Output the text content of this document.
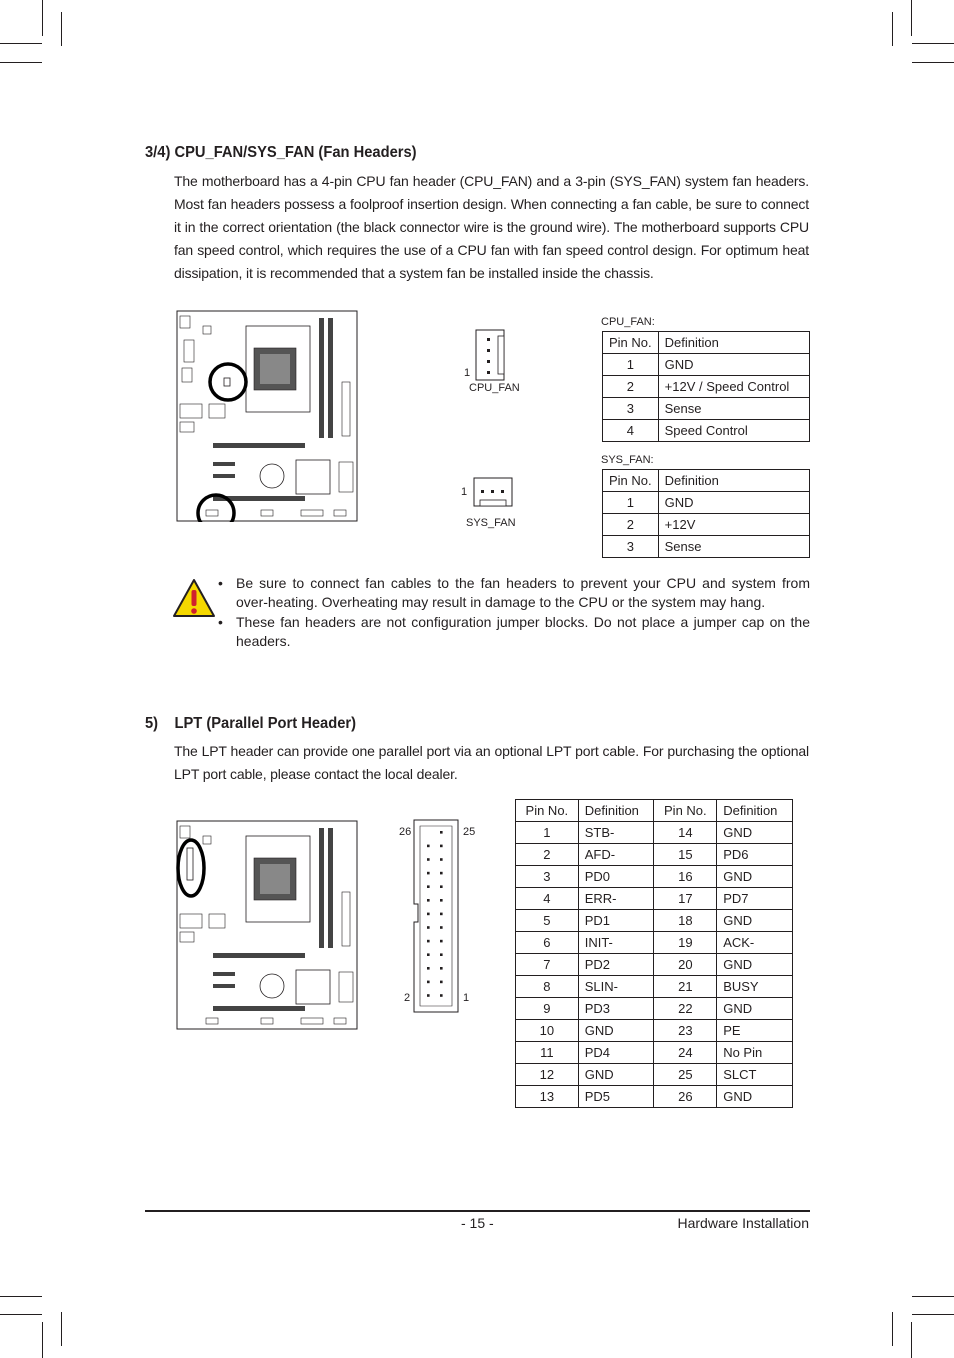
3/4) CPU_FAN/SYS_FAN (Fan Headers)

The motherboard has a 4-pin CPU fan header (CPU_FAN) and a 3-pin (SYS_FAN) system fan headers. Most fan headers possess a foolproof insertion design. When connecting a fan cable, be sure to connect it in the correct orientation (the black connector wire is the ground wire). The motherboard supports CPU fan speed control, which requires the use of a CPU fan with fan speed control design. For optimum heat dissipation, it is recommended that a system fan be installed inside the chassis.

1
CPU_FAN
1
SYS_FAN
CPU_FAN:
Pin No.	Definition
1	GND
2	+12V / Speed Control
3	Sense
4	Speed Control
SYS_FAN:
Pin No.	Definition
1	GND
2	+12V
3	Sense
• Be sure to connect fan cables to the fan headers to prevent your CPU and system from over-heating. Overheating may result in damage to the CPU or the system may hang.
• These fan headers are not configuration jumper blocks. Do not place a jumper cap on the headers.
5)    LPT (Parallel Port Header)

The LPT header can provide one parallel port via an optional LPT port cable. For purchasing the optional LPT port cable, please contact the local dealer.

26	25
2	1
Pin No.	Definition	Pin No.	Definition
1	STB-	14	GND
2	AFD-	15	PD6
3	PD0	16	GND
4	ERR-	17	PD7
5	PD1	18	GND
6	INIT-	19	ACK-
7	PD2	20	GND
8	SLIN-	21	BUSY
9	PD3	22	GND
10	GND	23	PE
11	PD4	24	No Pin
12	GND	25	SLCT
13	PD5	26	GND
- 15 -	Hardware Installation
